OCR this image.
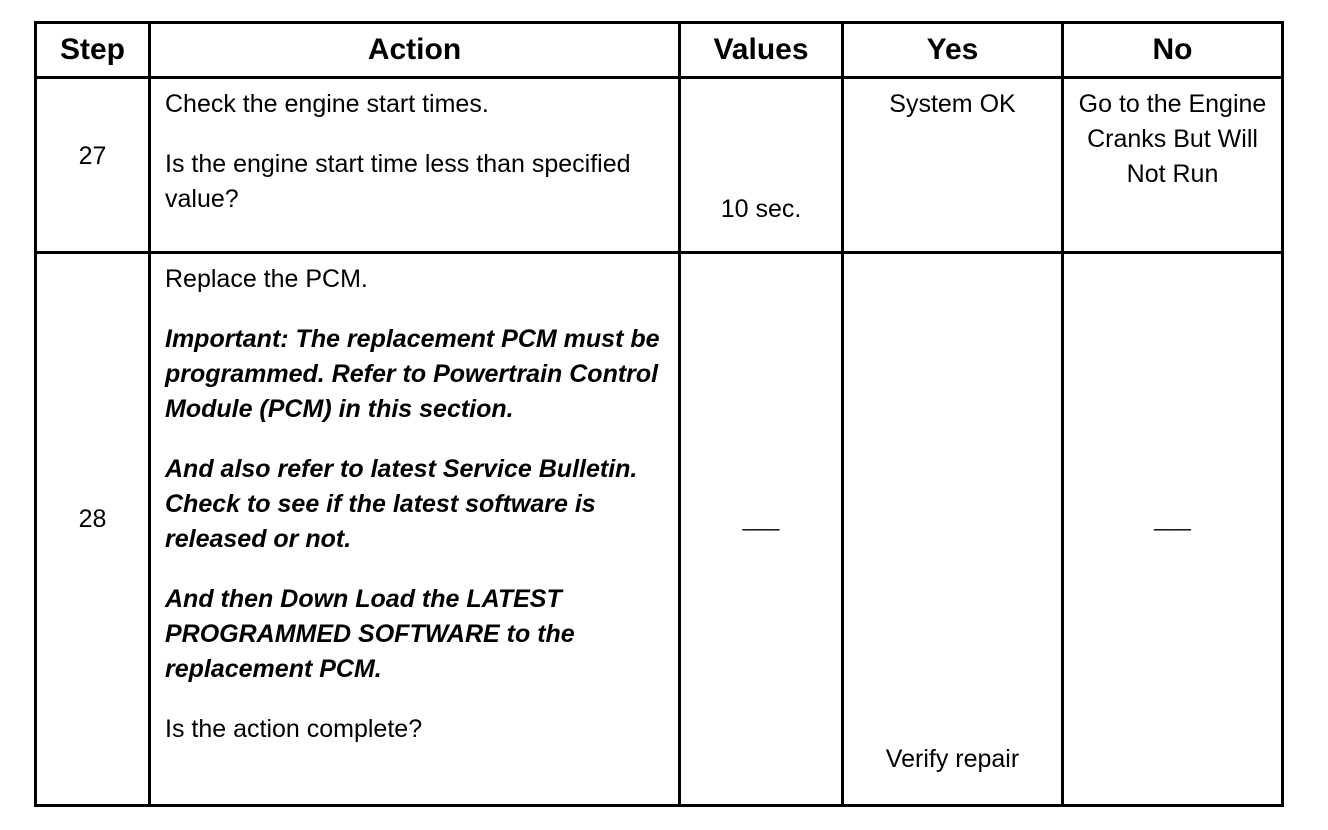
Step	Action	Values	Yes	No

27	Check the engine start times.

Is the engine start time less than specified value?	10 sec.	System OK	Go to the Engine Cranks But Will Not Run

28	Replace the PCM.

Important: The replacement PCM must be programmed. Refer to Powertrain Control Module (PCM) in this section.

And also refer to latest Service Bulletin. Check to see if the latest software is released or not.

And then Down Load the LATEST PROGRAMMED SOFTWARE to the replacement PCM.

Is the action complete?	___	Verify repair	___
